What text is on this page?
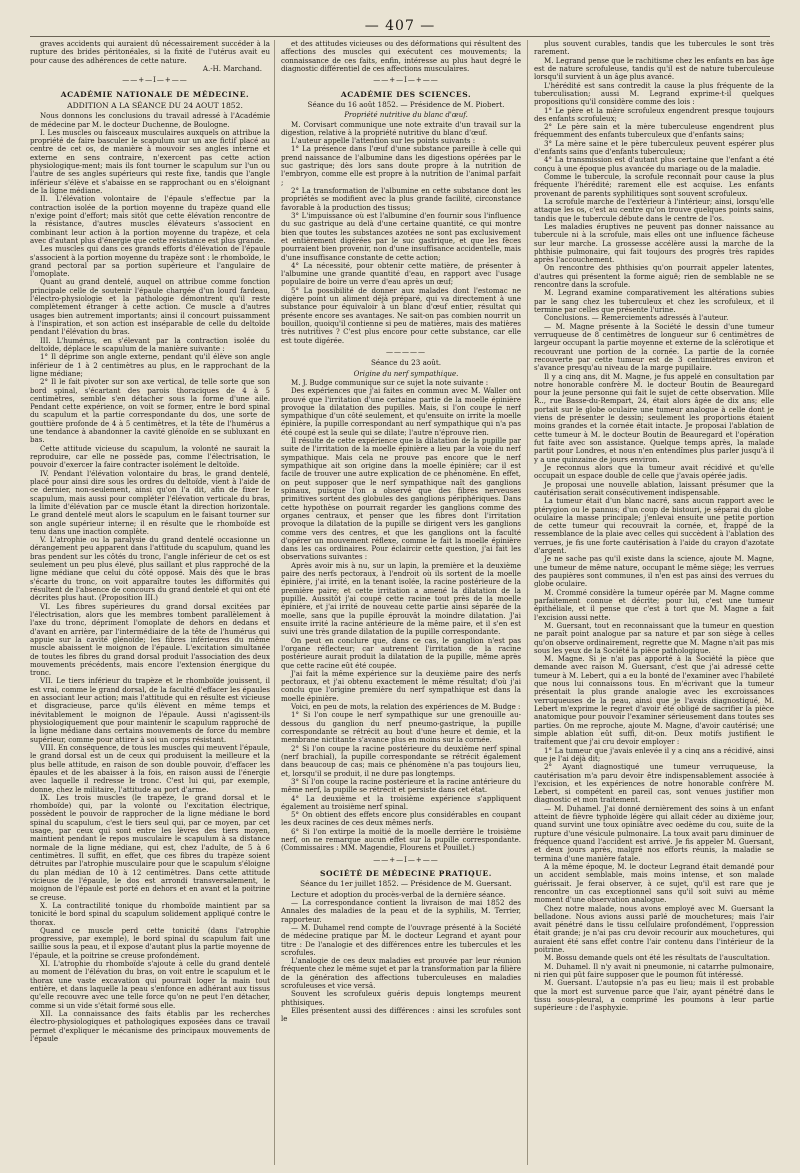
— 407 —

graves accidents qui auraient dû nécessairement succéder à la rupture des brides péritonéales, si la fixité de l'utérus avait eu pour cause des adhérences de cette nature.

A.-H. Marchand.

——+—I—+——

ACADÉMIE NATIONALE DE MÉDECINE.

ADDITION A LA SÉANCE DU 24 AOUT 1852.

Nous donnons les conclusions du travail adressé à l'Académie de médecine par M. le docteur Duchenne, de Boulogne.

I. Les muscles ou faisceaux musculaires auxquels on attribue la propriété de faire basculer le scapulum sur un axe fictif placé au centre de cet os, de manière à mouvoir ses angles interne et externe en sens contraire, n'exercent pas cette action physiologique-ment; mais ils font tourner le scapulum sur l'un ou l'autre de ses angles supérieurs qui reste fixe, tandis que l'angle inférieur s'élève et s'abaisse en se rapprochant ou en s'éloignant de la ligne médiane.

II. L'élévation volontaire de l'épaule s'effectue par la contraction isolée de la portion moyenne du trapèze quand elle n'exige point d'effort; mais sitôt que cette élévation rencontre de la résistance, d'autres muscles élévateurs s'associent en combinant leur action à la portion moyenne du trapèze, et cela avec d'autant plus d'énergie que cette résistance est plus grande.

Les muscles qui dans ces grands efforts d'élévation de l'épaule s'associent à la portion moyenne du trapèze sont : le rhomboïde, le grand pectoral par sa portion supérieure et l'angulaire de l'omoplate.

Quant au grand dentelé, auquel on attribue comme fonction principale celle de soutenir l'épaule chargée d'un lourd fardeau, l'électro-physiologie et la pathologie démontrent qu'il reste complètement étranger à cette action. Ce muscle a d'autres usages bien autrement importants; ainsi il concourt puissamment à l'inspiration, et son action est inséparable de celle du deltoïde pendant l'élévation du bras.

III. L'humérus, en s'élevant par la contraction isolée du deltoïde, déplace le scapulum de la manière suivante :

1° Il déprime son angle externe, pendant qu'il élève son angle inférieur de 1 à 2 centimètres au plus, en le rapprochant de la ligne médiane;

2° Il le fait pivoter sur son axe vertical, de telle sorte que son bord spinal, s'écartant des parois thoraciques de 4 à 5 centimètres, semble s'en détacher sous la forme d'une aile. Pendant cette expérience, on voit se former, entre le bord spinal du scapulum et la partie correspondante du dos, une sorte de gouttière profonde de 4 à 5 centimètres, et la tête de l'humérus a une tendance à abandonner la cavité glénoïde en se subluxant en bas.

Cette attitude vicieuse du scapulum, la volonté ne saurait la reproduire, car elle ne possède pas, comme l'électrisation, le pouvoir d'exercer la faire contracter isolément le deltoïde.

IV. Pendant l'élévation volontaire du bras, le grand dentelé, placé pour ainsi dire sous les ordres du deltoïde, vient à l'aide de ce dernier, non-seulement, ainsi qu'on l'a dit, afin de fixer le scapulum, mais aussi pour compléter l'élévation verticale du bras, la limite d'élévation par ce muscle étant la direction horizontale. Le grand dentelé meut alors le scapulum en le faisant tourner sur son angle supérieur interne; il en résulte que le rhomboïde est tenu dans une inaction complète.

V. L'atrophie ou la paralysie du grand dentelé occasionne un dérangement peu apparent dans l'attitude du scapulum, quand les bras pendent sur les côtés du tronc, l'angle inférieur de cet os est seulement un peu plus élevé, plus saillant et plus rapproché de la ligne médiane que celui du côté opposé. Mais dès que le bras s'écarte du tronc, on voit apparaître toutes les difformités qui résultent de l'absence de concours du grand dentelé et qui ont été décrites plus haut. (Proposition III.)

VI. Les fibres supérieures du grand dorsal excitées par l'électrisation, alors que les membres tombent parallèlement à l'axe du tronc, dépriment l'omoplate de dehors en dedans et d'avant en arrière, par l'intermédiaire de la tête de l'humérus qui appuie sur la cavité glénoïde; les fibres inférieures du même muscle abaissent le moignon de l'épaule. L'excitation simultanée de toutes les fibres du grand dorsal produit l'association des deux mouvements précédents, mais encore l'extension énergique du tronc.

VII. Le tiers inférieur du trapèze et le rhomboïde jouissent, il est vrai, comme le grand dorsal, de la faculté d'effacer les épaules en associant leur action; mais l'attitude qui en résulte est vicieuse et disgracieuse, parce qu'ils élèvent en même temps et inévitablement le moignon de l'épaule. Aussi n'agissent-ils physiologiquement que pour maintenir le scapulum rapproché de la ligne médiane dans certains mouvements de force du membre supérieur, comme pour attirer à soi un corps résistant.

VIII. En conséquence, de tous les muscles qui meuvent l'épaule, le grand dorsal est un de ceux qui produisent la meilleure et la plus belle attitude, en raison de son double pouvoir, d'effacer les épaules et de les abaisser à la fois, en raison aussi de l'énergie avec laquelle il redresse le tronc. C'est lui qui, par exemple, donne, chez le militaire, l'attitude au port d'arme.

IX. Les trois muscles (le trapèze, le grand dorsal et le rhomboïde) qui, par la volonté ou l'excitation électrique, possèdent le pouvoir de rapprocher de la ligne médiane le bord spinal du scapulum, c'est le tiers seul qui, par ce moyen, par cet usage, par ceux qui sont entre les lèvres des tiers moyen, maintient pendant le repos musculaire le scapulum à sa distance normale de la ligne médiane, qui est, chez l'adulte, de 5 à 6 centimètres. Il suffit, en effet, que ces fibres du trapèze soient détruites par l'atrophie musculaire pour que le scapulum s'éloigne du plan médian de 10 à 12 centimètres. Dans cette attitude vicieuse de l'épaule, le dos est arrondi transversalement, le moignon de l'épaule est porté en dehors et en avant et la poitrine se creuse.

X. La contractilité tonique du rhomboïde maintient par sa tonicité le bord spinal du scapulum solidement appliqué contre le thorax.

Quand ce muscle perd cette tonicité (dans l'atrophie progressive, par exemple), le bord spinal du scapulum fait une saillie sous la peau, et il expose d'autant plus la partie moyenne de l'épaule, et la poitrine se creuse profondément.

XI. L'atrophie du rhomboïde s'ajoute à celle du grand dentelé au moment de l'élévation du bras, on voit entre le scapulum et le thorax une vaste excavation qui pourrait loger la main tout entière, et dans laquelle la peau s'enfonce en adhérant aux tissus qu'elle recouvre avec une telle force qu'on ne peut l'en détacher, comme si un vide s'était formé sous elle.

XII. La connaissance des faits établis par les recherches électro-physiologiques et pathologiques exposées dans ce travail permet d'expliquer le mécanisme des principaux mouvements de l'épaule

et des attitudes vicieuses ou des déformations qui résultent des affections des muscles qui exécutent ces mouvements; la connaissance de ces faits, enfin, intéresse au plus haut degré le diagnostic différentiel de ces affections musculaires.

——+—I—+——

ACADÉMIE DES SCIENCES.

Séance du 16 août 1852. — Présidence de M. Piobert.

Propriété nutritive du blanc d'œuf.

M. Corvisart communique une note extraite d'un travail sur la digestion, relative à la propriété nutritive du blanc d'œuf.

L'auteur appelle l'attention sur les points suivants :

1° La présence dans l'œuf d'une substance pareille à celle qui prend naissance de l'albumine dans les digestions opérées par le suc gastrique; dès lors sans doute propre à la nutrition de l'embryon, comme elle est propre à la nutrition de l'animal parfait ;

2° La transformation de l'albumine en cette substance dont les propriétés se modifient avec la plus grande facilité, circonstance favorable à la production des tissus;

3° L'impuissance où est l'albumine d'en fournir sous l'influence du suc gastrique au delà d'une certaine quantité, ce qui montre bien que toutes les substances azotées ne sont pas exclusivement et entièrement digérées par le suc gastrique, et que les fèces pourraient bien provenir, non d'une insuffisance accidentelle, mais d'une insuffisance constante de cette action;

4° La nécessité, pour obtenir cette matière, de présenter à l'albumine une grande quantité d'eau, en rapport avec l'usage populaire de boire un verre d'eau après un œuf;

5° La possibilité de donner aux malades dont l'estomac ne digère point un aliment déjà préparé, qui va directement à une substance pour équivaloir à un blanc d'œuf entier, résultat qui présente encore ses avantages. Ne sait-on pas combien nourrit un bouillon, quoiqu'il contienne si peu de matières, mais des matières très nutritives ? C'est plus encore pour cette substance, car elle est toute digérée.

—————

Séance du 23 août.

Origine du nerf sympathique.

M. J. Budge communique sur ce sujet la note suivante :

Des expériences que j'ai faites en commun avec M. Waller ont prouvé que l'irritation d'une certaine partie de la moelle épinière provoque la dilatation des pupilles. Mais, si l'on coupe le nerf sympathique d'un côté seulement, et qu'ensuite on irrite la moelle épinière, la pupille correspondant au nerf sympathique qui n'a pas été coupé est la seule qui se dilate; l'autre n'éprouve rien.

Il résulte de cette expérience que la dilatation de la pupille par suite de l'irritation de la moelle épinière a lieu par la voie du nerf sympathique. Mais cela ne prouve pas encore que le nerf sympathique ait son origine dans la moelle épinière; car il est facile de trouver une autre explication de ce phénomène. En effet, on peut supposer que le nerf sympathique naît des ganglions spinaux, puisque l'on a observé que des fibres nerveuses primitives sortent des globules des ganglions périphériques. Dans cette hypothèse on pourrait regarder les ganglions comme des organes centraux, et penser que les fibres dont l'irritation provoque la dilatation de la pupille se dirigent vers les ganglions comme vers des centres, et que les ganglions ont la faculté d'opérer un mouvement réflexe, comme le fait la moelle épinière dans les cas ordinaires. Pour éclaircir cette question, j'ai fait les observations suivantes :

Après avoir mis à nu, sur un lapin, la première et la deuxième paire des nerfs pectoraux, à l'endroit où ils sortent de la moelle épinière, j'ai irrité, en la tenant isolée, la racine postérieure de la première paire; et cette irritation a amené la dilatation de la pupille. Aussitôt j'ai coupé cette racine tout près de la moelle épinière, et j'ai irrité de nouveau cette partie ainsi séparée de la moelle, sans que la pupille éprouvât la moindre dilatation. J'ai ensuite irrité la racine antérieure de la même paire, et il s'en est suivi une très grande dilatation de la pupille correspondante.

On peut en conclure que, dans ce cas, le ganglion n'est pas l'organe réflecteur; car autrement l'irritation de la racine postérieure aurait produit la dilatation de la pupille, même après que cette racine eût été coupée.

J'ai fait la même expérience sur la deuxième paire des nerfs pectoraux, et j'ai obtenu exactement le même résultat; d'où j'ai conclu que l'origine première du nerf sympathique est dans la moelle épinière.

Voici, en peu de mots, la relation des expériences de M. Budge :

1° Si l'on coupe le nerf sympathique sur une grenouille au-dessous du ganglion du nerf pneumo-gastrique, la pupille correspondante se rétrécit au bout d'une heure et demie, et la membrane nictitante s'avance plus en moins sur la cornée.

2° Si l'on coupe la racine postérieure du deuxième nerf spinal (nerf brachial), la pupille correspondante se rétrécit également dans beaucoup de cas; mais ce phénomène n'a pas toujours lieu, et, lorsqu'il se produit, il ne dure pas longtemps.

3° Si l'on coupe la racine postérieure et la racine antérieure du même nerf, la pupille se rétrécit et persiste dans cet état.

4° La deuxième et la troisième expérience s'appliquent également au troisième nerf spinal.

5° On obtient des effets encore plus considérables en coupant les deux racines de ces deux mêmes nerfs.

6° Si l'on extirpe la moitié de la moelle derrière le troisième nerf, on ne remarque aucun effet sur la pupille correspondante. (Commissaires : MM. Magendie, Flourens et Pouillet.)

——+—I—+——

SOCIÉTÉ DE MÉDECINE PRATIQUE.

Séance du 1er juillet 1852. — Présidence de M. Guersant.

Lecture et adoption du procès-verbal de la dernière séance.

— La correspondance contient la livraison de mai 1852 des Annales des maladies de la peau et de la syphilis, M. Terrier, rapporteur.

— M. Duhamel rend compte de l'ouvrage présenté à la Société de médecine pratique par M. le docteur Legrand et ayant pour titre : De l'analogie et des différences entre les tubercules et les scrofules.

L'analogie de ces deux maladies est prouvée par leur réunion fréquente chez le même sujet et par la transformation par la filière de la génération des affections tuberculeuses en maladies scrofuleuses et vice versâ.

Souvent les scrofuleux guéris depuis longtemps meurent phthisiques.

Elles présentent aussi des différences : ainsi les scrofules sont le

plus souvent curables, tandis que les tubercules le sont très rarement.

M. Legrand pense que le rachitisme chez les enfants en bas âge est de nature scrofuleuse, tandis qu'il est de nature tuberculeuse lorsqu'il survient à un âge plus avancé.

L'hérédité est sans contredit la cause la plus fréquente de la tuberculisation; aussi M. Legrand exprime-t-il quelques propositions qu'il considère comme des lois :

1° Le père et la mère scrofuleux engendrent presque toujours des enfants scrofuleux;

2° Le père sain et la mère tuberculeuse engendrent plus fréquemment des enfants tuberculeux que d'enfants sains;

3° La mère saine et le père tuberculeux peuvent espérer plus d'enfants sains que d'enfants tuberculeux;

4° La transmission est d'autant plus certaine que l'enfant a été conçu à une époque plus avancée du mariage ou de la maladie.

Comme le tubercule, la scrofule reconnaît pour cause la plus fréquente l'hérédité; rarement elle est acquise. Les enfants provenant de parents syphilitiques sont souvent scrofuleux.

La scrofule marche de l'extérieur à l'intérieur; ainsi, lorsqu'elle attaque les os, c'est au centre qu'on trouve quelques points sains, tandis que le tubercule débute dans le centre de l'os.

Les maladies éruptives ne peuvent pas donner naissance au tubercule ni à la scrofule, mais elles ont une influence fâcheuse sur leur marche. La grossesse accélère aussi la marche de la phthisie pulmonaire, qui fait toujours des progrès très rapides après l'accouchement.

On rencontre des phthisies qu'on pourrait appeler latentes, d'autres qui présentent la forme aiguë; rien de semblable ne se rencontre dans la scrofule.

M. Legrand examine comparativement les altérations subies par le sang chez les tuberculeux et chez les scrofuleux, et il termine par celles que présente l'urine.

Conclusions. — Remerciements adressés à l'auteur.

— M. Magne présente à la Société le dessin d'une tumeur verruqueuse de 8 centimètres de longueur sur 6 centimètres de largeur occupant la partie moyenne et externe de la sclérotique et recouvrant une portion de la cornée. La partie de la cornée recouverte par cette tumeur est de 3 centimètres environ et s'avance presqu'au niveau de la marge pupillaire.

Il y a cinq ans, dit M. Magne, je fus appelé en consultation par notre honorable confrère M. le docteur Boutin de Beauregard pour la jeune personne qui fait le sujet de cette observation. Mlle R.., rue Basse-du-Rempart, 24, était alors âgée de dix ans; elle portait sur le globe oculaire une tumeur analogue à celle dont je viens de présenter le dessin; seulement les proportions étaient moins grandes et la cornée était intacte. Je proposai l'ablation de cette tumeur à M. le docteur Boutin de Beauregard et l'opération fut faite avec son assistance. Quelque temps après, la malade partit pour Londres, et nous n'en entendîmes plus parler jusqu'à il y a une quinzaine de jours environ.

Je reconnus alors que la tumeur avait récidivé et qu'elle occupait un espace double de celle que j'avais opérée jadis.

Je proposai une nouvelle ablation, laissant présumer que la cautérisation serait consécutivement indispensable.

La tumeur était d'un blanc nacré, sans aucun rapport avec le ptérygion ou le pannus; d'un coup de bistouri, je séparai du globe oculaire la masse principale; j'enlevai ensuite une petite portion de cette tumeur qui recouvrait la cornée, et, frappé de la ressemblance de la plaie avec celles qui succèdent à l'ablation des verrues, je fis une forte cautérisation à l'aide du crayon d'azotate d'argent.

Je ne sache pas qu'il existe dans la science, ajoute M. Magne, une tumeur de même nature, occupant le même siège; les verrues des paupières sont communes, il n'en est pas ainsi des verrues du globe oculaire.

M. Crommé considère la tumeur opérée par M. Magne comme parfaitement connue et décrite; pour lui, c'est une tumeur épithéliale, et il pense que c'est à tort que M. Magne a fait l'excision aussi nette.

M. Guersant, tout en reconnaissant que la tumeur en question ne paraît point analogue par sa nature et par son siège à celles qu'on observe ordinairement, regrette que M. Magne n'ait pas mis sous les yeux de la Société la pièce pathologique.

M. Magne. Si je n'ai pas apporté à la Société la pièce que demande avec raison M. Guersant, c'est que j'ai adressé cette tumeur à M. Lebert, qui a eu la bonté de l'examiner avec l'habileté que nous lui connaissons tous. En m'écrivant que la tumeur présentait la plus grande analogie avec les excroissances verruqueuses de la peau, ainsi que je l'avais diagnostiqué, M. Lebert m'exprime le regret d'avoir été obligé de sacrifier la pièce anatomique pour pouvoir l'examiner sérieusement dans toutes ses parties. On me reproche, ajoute M. Magne, d'avoir cautérisé; une simple ablation eût suffi, dit-on. Deux motifs justifient le traitement que j'ai cru devoir employer :

1° La tumeur que j'avais enlevée il y a cinq ans a récidivé, ainsi que je l'ai déjà dit;

2° Ayant diagnostiqué une tumeur verruqueuse, la cautérisation m'a paru devoir être indispensablement associée à l'excision, et les expériences de notre honorable confrère M. Lebert, si compétent en pareil cas, sont venues justifier mon diagnostic et mon traitement.

— M. Duhamel. J'ai donné dernièrement des soins à un enfant atteint de fièvre typhoïde légère qui allait céder au dixième jour, quand survint une toux opiniâtre avec oedème du cou, suite de la rupture d'une vésicule pulmonaire. La toux avait paru diminuer de fréquence quand l'accident est arrivé. Je fis appeler M. Guersant, et deux jours après, malgré nos efforts réunis, la maladie se termina d'une manière fatale.

A la même époque, M. le docteur Legrand était demandé pour un accident semblable, mais moins intense, et son malade guérissait. Je ferai observer, à ce sujet, qu'il est rare que je rencontre un cas exceptionnel sans qu'il soit suivi au même moment d'une observation analogue.

Chez notre malade, nous avons employé avec M. Guersant la belladone. Nous avions aussi parlé de mouchetures; mais l'air avait pénétré dans le tissu cellulaire profondément, l'oppression était grande; je n'ai pas cru devoir recourir aux mouchetures, qui auraient été sans effet contre l'air contenu dans l'intérieur de la poitrine.

M. Bossu demande quels ont été les résultats de l'auscultation.

M. Duhamel. Il n'y avait ni pneumonie, ni catarrhe pulmonaire, ni rien qui pût faire supposer que le poumon fût intéressé.

M. Guersant. L'autopsie n'a pas eu lieu; mais il est probable que la mort est survenue parce que l'air, ayant pénétré dans le tissu sous-pleural, a comprimé les poumons à leur partie supérieure : de l'asphyxie.
